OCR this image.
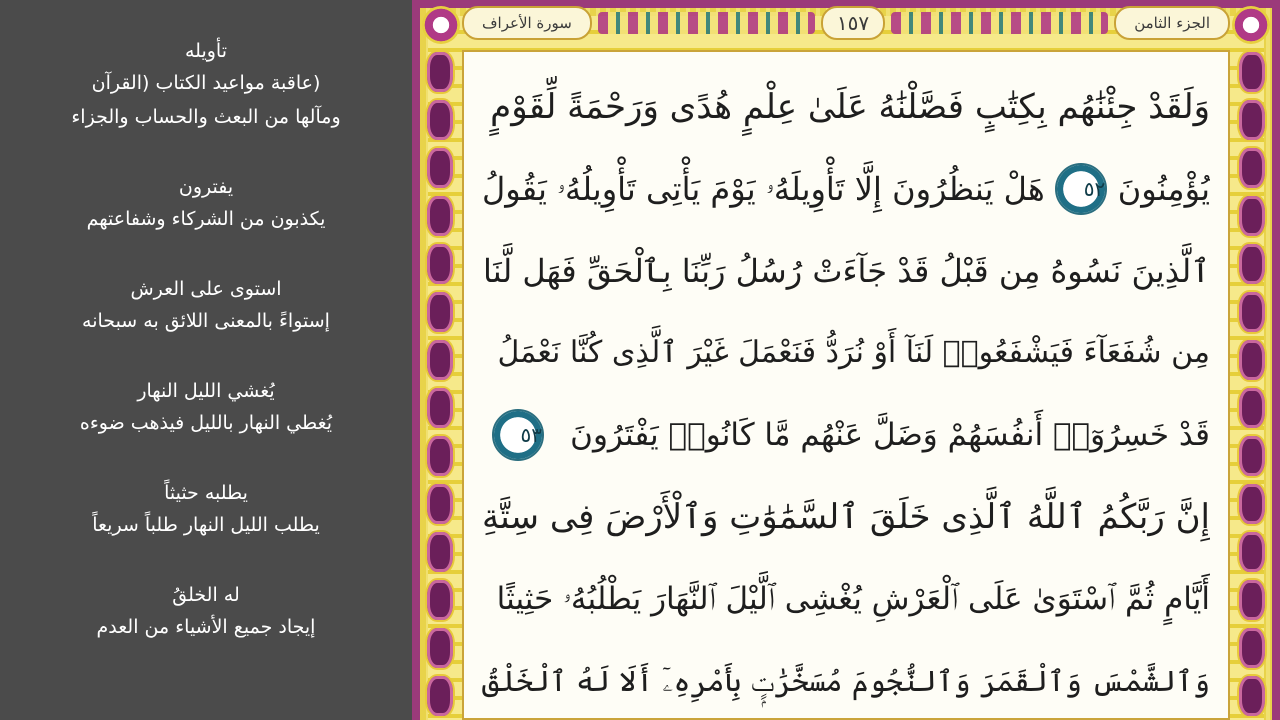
تأويله
(عاقبة مواعيد الكتاب (القرآن
ومآلها من البعث والحساب والجزاء
يفترون
يكذبون من الشركاء وشفاعتهم
استوى على العرش
إستواءً بالمعنى اللائق به سبحانه
يُغشي الليل النهار
يُغطي النهار بالليل فيذهب ضوءه
يطلبه حثيثاً
يطلب الليل النهار طلباً سريعاً
له الخلقُ
إيجاد جميع الأشياء من العدم
الجزء الثامن
١٥٧
سورة الأعراف
وَلَقَدْ جِئْنَٰهُم بِكِتَٰبٍ فَصَّلْنَٰهُ عَلَىٰ عِلْمٍ هُدًى وَرَحْمَةً لِّقَوْمٍ
يُؤْمِنُونَ
٥٢
هَلْ يَنظُرُونَ إِلَّا تَأْوِيلَهُۥ يَوْمَ يَأْتِى تَأْوِيلُهُۥ يَقُولُ
ٱلَّذِينَ نَسُوهُ مِن قَبْلُ قَدْ جَآءَتْ رُسُلُ رَبِّنَا بِٱلْحَقِّ فَهَل لَّنَا
مِن شُفَعَآءَ فَيَشْفَعُوا۟ لَنَآ أَوْ نُرَدُّ فَنَعْمَلَ غَيْرَ ٱلَّذِى كُنَّا نَعْمَلُ
قَدْ خَسِرُوٓا۟ أَنفُسَهُمْ وَضَلَّ عَنْهُم مَّا كَانُوا۟ يَفْتَرُونَ
٥٣
إِنَّ رَبَّكُمُ ٱللَّهُ ٱلَّذِى خَلَقَ ٱلسَّمَٰوَٰتِ وَٱلْأَرْضَ فِى سِتَّةِ
أَيَّامٍ ثُمَّ ٱسْتَوَىٰ عَلَى ٱلْعَرْشِ يُغْشِى ٱلَّيْلَ ٱلنَّهَارَ يَطْلُبُهُۥ حَثِيثًا
وَٱلشَّمْسَ وَٱلْقَمَرَ وَٱلنُّجُومَ مُسَخَّرَٰتٍۭ بِأَمْرِهِۦٓ أَلَا لَهُ ٱلْخَلْقُ
